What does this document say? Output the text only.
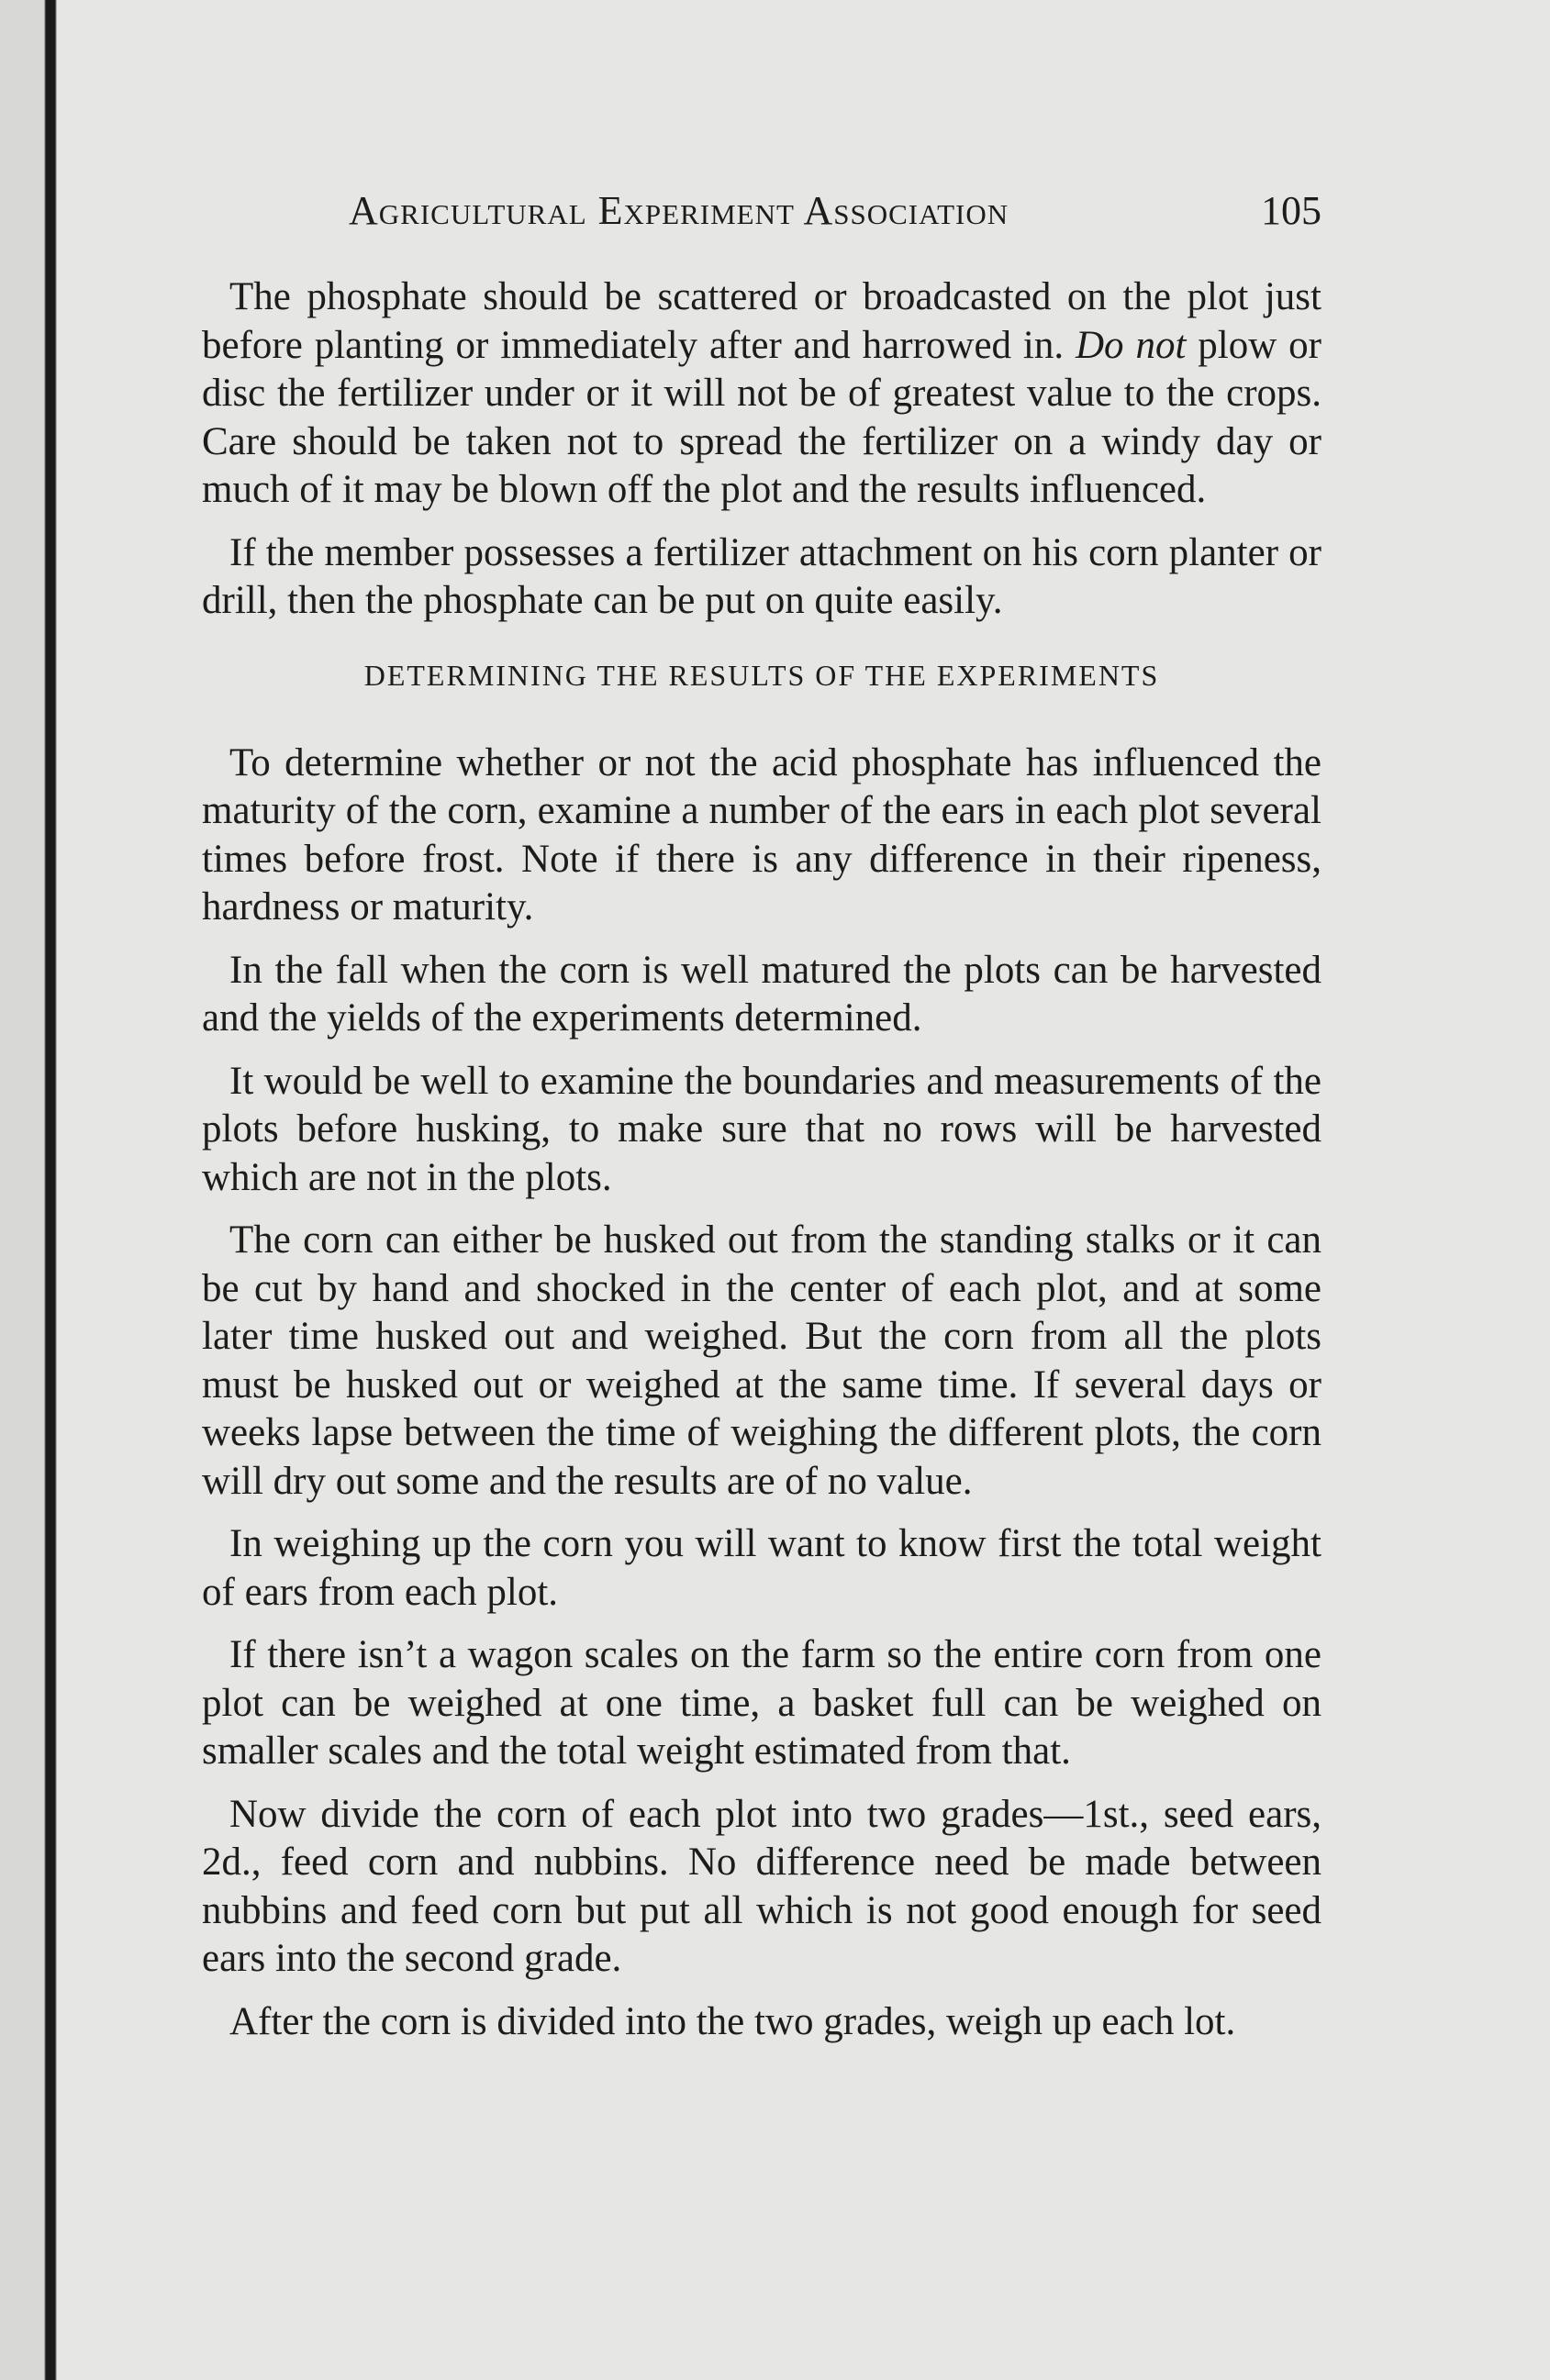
Agricultural Experiment Association	105

The phosphate should be scattered or broadcasted on the plot just before planting or immediately after and harrowed in. Do not plow or disc the fertilizer under or it will not be of greatest value to the crops. Care should be taken not to spread the fertilizer on a windy day or much of it may be blown off the plot and the results influenced.

If the member possesses a fertilizer attachment on his corn planter or drill, then the phosphate can be put on quite easily.

DETERMINING THE RESULTS OF THE EXPERIMENTS

To determine whether or not the acid phosphate has influenced the maturity of the corn, examine a number of the ears in each plot several times before frost. Note if there is any difference in their ripeness, hardness or maturity.

In the fall when the corn is well matured the plots can be harvested and the yields of the experiments determined.

It would be well to examine the boundaries and measurements of the plots before husking, to make sure that no rows will be harvested which are not in the plots.

The corn can either be husked out from the standing stalks or it can be cut by hand and shocked in the center of each plot, and at some later time husked out and weighed. But the corn from all the plots must be husked out or weighed at the same time. If several days or weeks lapse between the time of weighing the different plots, the corn will dry out some and the results are of no value.

In weighing up the corn you will want to know first the total weight of ears from each plot.

If there isn’t a wagon scales on the farm so the entire corn from one plot can be weighed at one time, a basket full can be weighed on smaller scales and the total weight estimated from that.

Now divide the corn of each plot into two grades—1st., seed ears, 2d., feed corn and nubbins. No difference need be made between nubbins and feed corn but put all which is not good enough for seed ears into the second grade.

After the corn is divided into the two grades, weigh up each lot.
